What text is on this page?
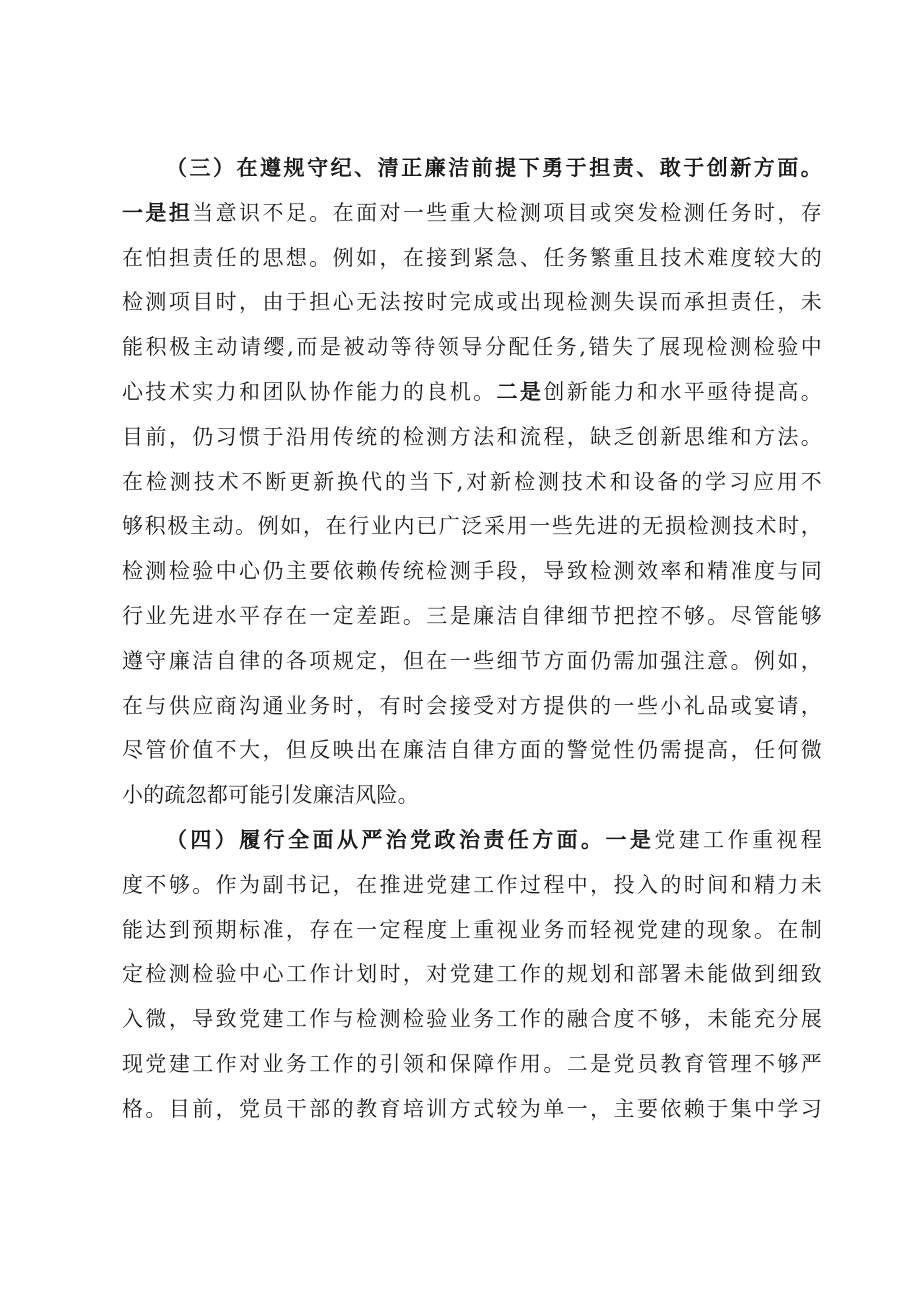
（三）在遵规守纪、清正廉洁前提下勇于担责、敢于创新方面。
一是担当意识不足。在面对一些重大检测项目或突发检测任务时，存
在怕担责任的思想。例如，在接到紧急、任务繁重且技术难度较大的
检测项目时，由于担心无法按时完成或出现检测失误而承担责任，未
能积极主动请缨,而是被动等待领导分配任务,错失了展现检测检验中
心技术实力和团队协作能力的良机。二是创新能力和水平亟待提高。
目前，仍习惯于沿用传统的检测方法和流程，缺乏创新思维和方法。
在检测技术不断更新换代的当下,对新检测技术和设备的学习应用不
够积极主动。例如，在行业内已广泛采用一些先进的无损检测技术时，
检测检验中心仍主要依赖传统检测手段，导致检测效率和精准度与同
行业先进水平存在一定差距。三是廉洁自律细节把控不够。尽管能够
遵守廉洁自律的各项规定，但在一些细节方面仍需加强注意。例如，
在与供应商沟通业务时，有时会接受对方提供的一些小礼品或宴请，
尽管价值不大，但反映出在廉洁自律方面的警觉性仍需提高，任何微
小的疏忽都可能引发廉洁风险。
（四）履行全面从严治党政治责任方面。一是党建工作重视程
度不够。作为副书记，在推进党建工作过程中，投入的时间和精力未
能达到预期标准，存在一定程度上重视业务而轻视党建的现象。在制
定检测检验中心工作计划时，对党建工作的规划和部署未能做到细致
入微，导致党建工作与检测检验业务工作的融合度不够，未能充分展
现党建工作对业务工作的引领和保障作用。二是党员教育管理不够严
格。目前，党员干部的教育培训方式较为单一，主要依赖于集中学习
